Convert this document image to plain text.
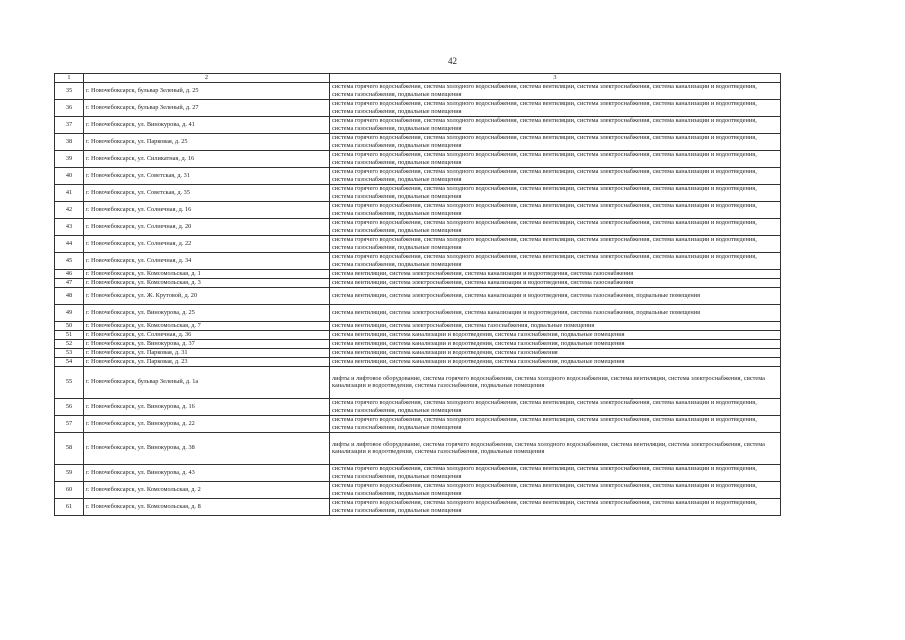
42
1	2	3
35	г. Новочебоксарск, бульвар Зеленый, д. 25	система горячего водоснабжения, система холодного водоснабжения, система вентиляции, система электроснабжения, система канализации и водоотведения, система газоснабжения, подвальные помещения
36	г. Новочебоксарск, бульвар Зеленый, д. 27	система горячего водоснабжения, система холодного водоснабжения, система вентиляции, система электроснабжения, система канализации и водоотведения, система газоснабжения, подвальные помещения
37	г. Новочебоксарск, ул. Винокурова, д. 41	система горячего водоснабжения, система холодного водоснабжения, система вентиляции, система электроснабжения, система канализации и водоотведения, система газоснабжения, подвальные помещения
38	г. Новочебоксарск, ул. Парковая, д. 25	система горячего водоснабжения, система холодного водоснабжения, система вентиляции, система электроснабжения, система канализации и водоотведения, система газоснабжения, подвальные помещения
39	г. Новочебоксарск, ул. Силикатная, д. 16	система горячего водоснабжения, система холодного водоснабжения, система вентиляции, система электроснабжения, система канализации и водоотведения, система газоснабжения, подвальные помещения
40	г. Новочебоксарск, ул. Советская, д. 31	система горячего водоснабжения, система холодного водоснабжения, система вентиляции, система электроснабжения, система канализации и водоотведения, система газоснабжения, подвальные помещения
41	г. Новочебоксарск, ул. Советская, д. 35	система горячего водоснабжения, система холодного водоснабжения, система вентиляции, система электроснабжения, система канализации и водоотведения, система газоснабжения, подвальные помещения
42	г. Новочебоксарск, ул. Солнечная, д. 16	система горячего водоснабжения, система холодного водоснабжения, система вентиляции, система электроснабжения, система канализации и водоотведения, система газоснабжения, подвальные помещения
43	г. Новочебоксарск, ул. Солнечная, д. 20	система горячего водоснабжения, система холодного водоснабжения, система вентиляции, система электроснабжения, система канализации и водоотведения, система газоснабжения, подвальные помещения
44	г. Новочебоксарск, ул. Солнечная, д. 22	система горячего водоснабжения, система холодного водоснабжения, система вентиляции, система электроснабжения, система канализации и водоотведения, система газоснабжения, подвальные помещения
45	г. Новочебоксарск, ул. Солнечная, д. 34	система горячего водоснабжения, система холодного водоснабжения, система вентиляции, система электроснабжения, система канализации и водоотведения, система газоснабжения, подвальные помещения
46	г. Новочебоксарск, ул. Комсомольская, д. 1	система вентиляции, система электроснабжения, система канализации и водоотведения, система газоснабжения
47	г. Новочебоксарск, ул. Комсомольская, д. 3	система вентиляции, система электроснабжения, система канализации и водоотведения, система газоснабжения
48	г. Новочебоксарск, ул. Ж. Крутовой, д. 20	система вентиляции, система электроснабжения, система канализации и водоотведения, система газоснабжения, подвальные помещения
49	г. Новочебоксарск, ул. Винокурова, д. 25	система вентиляции, система электроснабжения, система канализации и водоотведения, система газоснабжения, подвальные помещения
50	г. Новочебоксарск, ул. Комсомольская, д. 7	система вентиляции, система электроснабжения, система газоснабжения, подвальные помещения
51	г. Новочебоксарск, ул. Солнечная, д. 36	система вентиляции, система канализации и водоотведения, система газоснабжения, подвальные помещения
52	г. Новочебоксарск, ул. Винокурова, д. 37	система вентиляции, система канализации и водоотведения, система газоснабжения, подвальные помещения
53	г. Новочебоксарск, ул. Парковая, д. 31	система вентиляции, система канализации и водоотведения, система газоснабжения
54	г. Новочебоксарск, ул. Парковая, д. 23	система вентиляции, система канализации и водоотведения, система газоснабжения, подвальные помещения
55	г. Новочебоксарск, бульвар Зеленый, д. 1а	лифты и лифтовое оборудование, система горячего водоснабжения, система холодного водоснабжения, система вентиляции, система электроснабжения, система канализации и водоотведения, система газоснабжения, подвальные помещения
56	г. Новочебоксарск, ул. Винокурова, д. 16	система горячего водоснабжения, система холодного водоснабжения, система вентиляции, система электроснабжения, система канализации и водоотведения, система газоснабжения, подвальные помещения
57	г. Новочебоксарск, ул. Винокурова, д. 22	система горячего водоснабжения, система холодного водоснабжения, система вентиляции, система электроснабжения, система канализации и водоотведения, система газоснабжения, подвальные помещения
58	г. Новочебоксарск, ул. Винокурова, д. 38	лифты и лифтовое оборудование, система горячего водоснабжения, система холодного водоснабжения, система вентиляции, система электроснабжения, система канализации и водоотведения, система газоснабжения, подвальные помещения
59	г. Новочебоксарск, ул. Винокурова, д. 43	система горячего водоснабжения, система холодного водоснабжения, система вентиляции, система электроснабжения, система канализации и водоотведения, система газоснабжения, подвальные помещения
60	г. Новочебоксарск, ул. Комсомольская, д. 2	система горячего водоснабжения, система холодного водоснабжения, система вентиляции, система электроснабжения, система канализации и водоотведения, система газоснабжения, подвальные помещения
61	г. Новочебоксарск, ул. Комсомольская, д. 8	система горячего водоснабжения, система холодного водоснабжения, система вентиляции, система электроснабжения, система канализации и водоотведения, система газоснабжения, подвальные помещения
